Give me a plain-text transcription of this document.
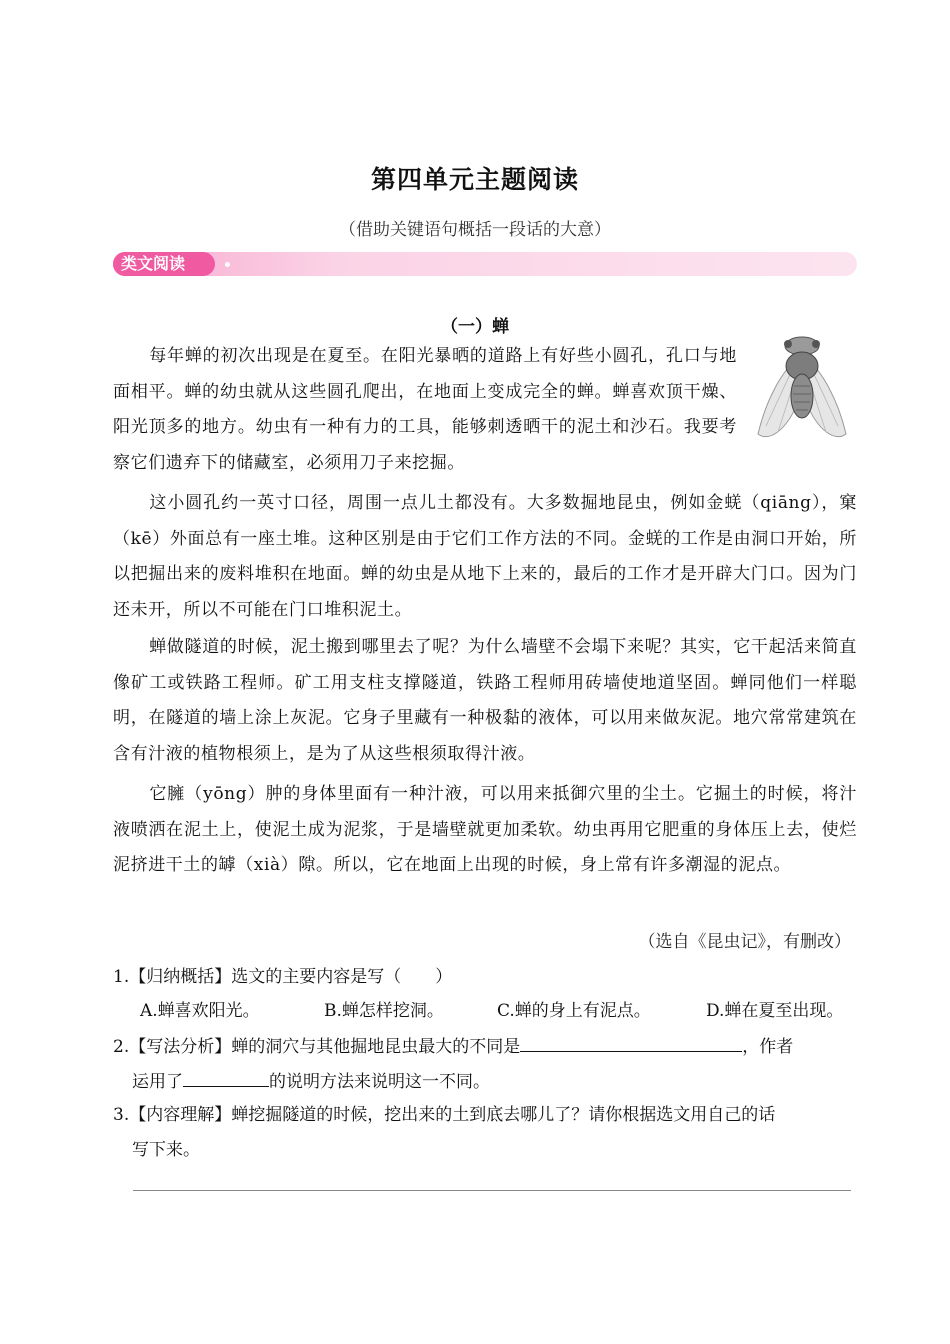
第四单元主题阅读
（借助关键语句概括一段话的大意）
类文阅读
（一）蝉

每年蝉的初次出现是在夏至。在阳光暴晒的道路上有好些小圆孔，孔口与地面相平。蝉的幼虫就从这些圆孔爬出，在地面上变成完全的蝉。蝉喜欢顶干燥、阳光顶多的地方。幼虫有一种有力的工具，能够刺透晒干的泥土和沙石。我要考察它们遗弃下的储藏室，必须用刀子来挖掘。

这小圆孔约一英寸口径，周围一点儿土都没有。大多数掘地昆虫，例如金蜣（qiāng），窠（kē）外面总有一座土堆。这种区别是由于它们工作方法的不同。金蜣的工作是由洞口开始，所以把掘出来的废料堆积在地面。蝉的幼虫是从地下上来的，最后的工作才是开辟大门口。因为门还未开，所以不可能在门口堆积泥土。

蝉做隧道的时候，泥土搬到哪里去了呢？为什么墙壁不会塌下来呢？其实，它干起活来简直像矿工或铁路工程师。矿工用支柱支撑隧道，铁路工程师用砖墙使地道坚固。蝉同他们一样聪明，在隧道的墙上涂上灰泥。它身子里藏有一种极黏的液体，可以用来做灰泥。地穴常常建筑在含有汁液的植物根须上，是为了从这些根须取得汁液。

它臃（yōng）肿的身体里面有一种汁液，可以用来抵御穴里的尘土。它掘土的时候，将汁液喷洒在泥土上，使泥土成为泥浆，于是墙壁就更加柔软。幼虫再用它肥重的身体压上去，使烂泥挤进干土的罅（xià）隙。所以，它在地面上出现的时候，身上常有许多潮湿的泥点。

（选自《昆虫记》，有删改）
1.【归纳概括】选文的主要内容是写（　　）
A.蝉喜欢阳光。	B.蝉怎样挖洞。	C.蝉的身上有泥点。	D.蝉在夏至出现。
2.【写法分析】蝉的洞穴与其他掘地昆虫最大的不同是	，作者
运用了	的说明方法来说明这一不同。
3.【内容理解】蝉挖掘隧道的时候，挖出来的土到底去哪儿了？请你根据选文用自己的话
写下来。
